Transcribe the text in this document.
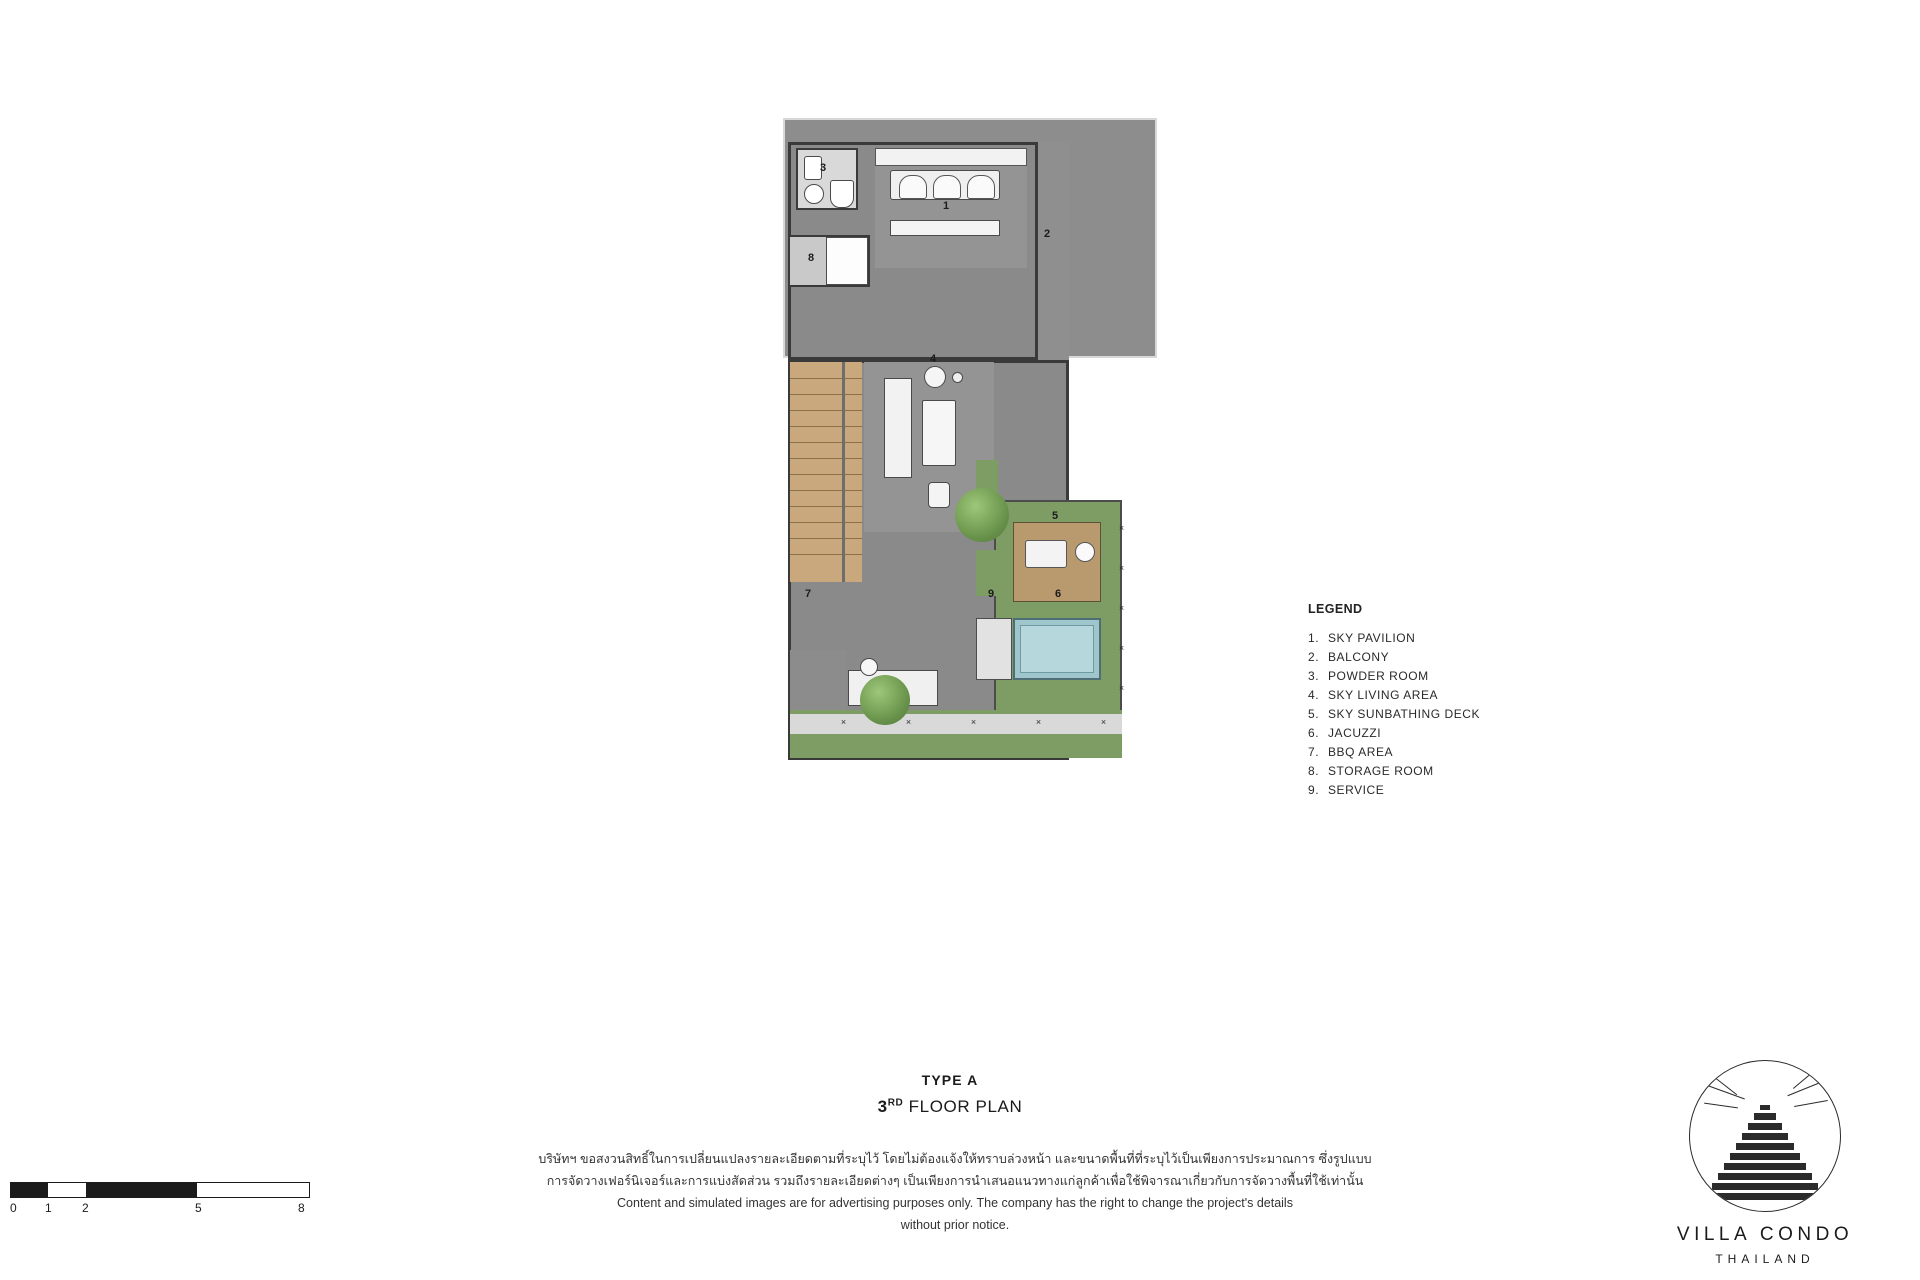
×
×
×
×
×
×	×	×	×	×
1
2
3
4
5
6
7
8
9
LEGEND
1. SKY PAVILION
2. BALCONY
3. POWDER ROOM
4. SKY LIVING AREA
5. SKY SUNBATHING DECK
6. JACUZZI
7. BBQ AREA
8. STORAGE ROOM
9. SERVICE
TYPE A
3RD FLOOR PLAN
บริษัทฯ ขอสงวนสิทธิ์ในการเปลี่ยนแปลงรายละเอียดตามที่ระบุไว้ โดยไม่ต้องแจ้งให้ทราบล่วงหน้า และขนาดพื้นที่ที่ระบุไว้เป็นเพียงการประมาณการ ซึ่งรูปแบบ
การจัดวางเฟอร์นิเจอร์และการแบ่งสัดส่วน รวมถึงรายละเอียดต่างๆ เป็นเพียงการนำเสนอแนวทางแก่ลูกค้าเพื่อใช้พิจารณาเกี่ยวกับการจัดวางพื้นที่ใช้เท่านั้น
Content and simulated images are for advertising purposes only. The company has the right to change the project's details
without prior notice.
0 1	2	5	8
VILLA CONDO
THAILAND
